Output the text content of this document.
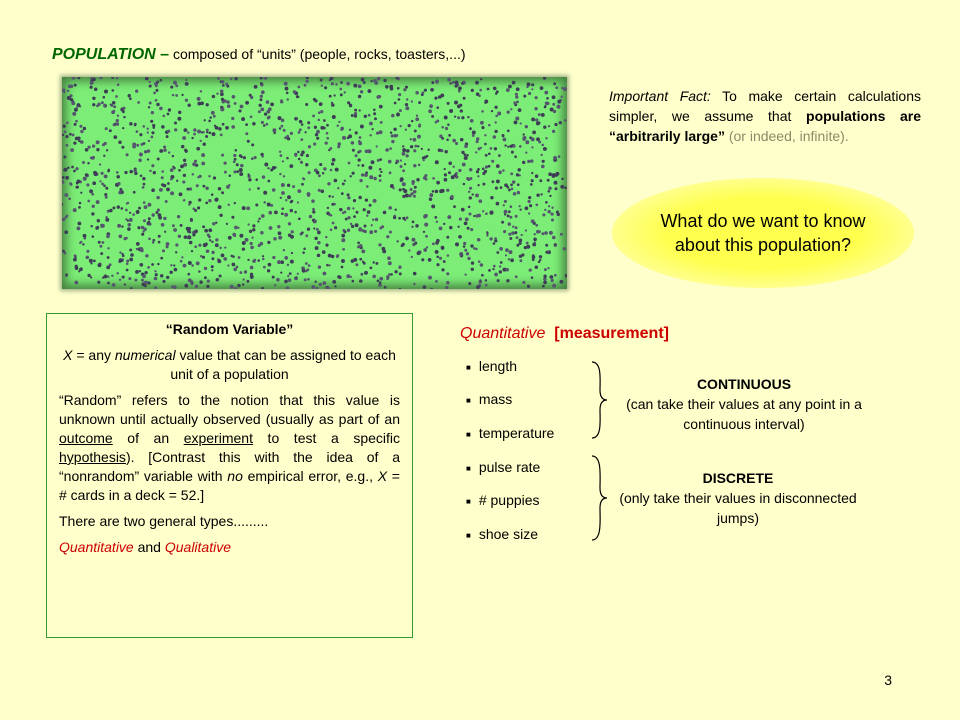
POPULATION – composed of “units” (people, rocks, toasters,...)
Important Fact: To make certain calculations simpler, we assume that populations are “arbitrarily large” (or indeed, infinite).
What do we want to know about this population?

“Random Variable”

X = any numerical value that can be assigned to each unit of a population

“Random” refers to the notion that this value is unknown until actually observed (usually as part of an outcome of an experiment to test a specific hypothesis). [Contrast this with the idea of a “nonrandom” variable with no empirical error, e.g., X = # cards in a deck = 52.]

There are two general types.........

Quantitative and Qualitative

Quantitative [measurement]
■ length
■ mass
■ temperature
■ pulse rate
■ # puppies
■ shoe size
CONTINUOUS
(can take their values at any point in a continuous interval)
DISCRETE
(only take their values in disconnected jumps)
3
